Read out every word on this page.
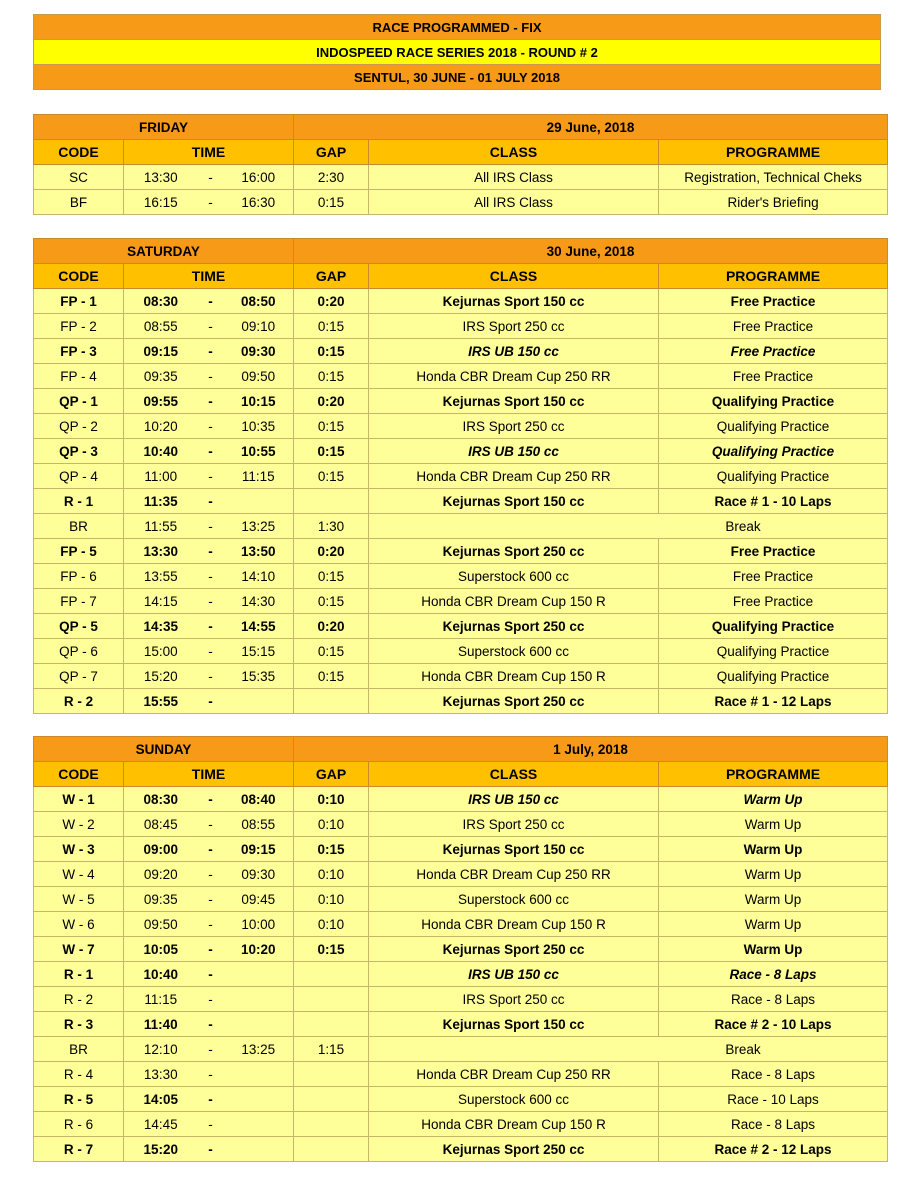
RACE PROGRAMMED - FIX
INDOSPEED RACE SERIES 2018 - ROUND # 2
SENTUL, 30 JUNE - 01 JULY 2018
FRIDAY				29 June, 2018		
CODE	TIME			GAP	CLASS	PROGRAMME
SC	13:30	-	16:00	2:30	All IRS Class	Registration, Technical Cheks
BF	16:15	-	16:30	0:15	All IRS Class	Rider's Briefing
SATURDAY				30 June, 2018		
CODE	TIME			GAP	CLASS	PROGRAMME
FP - 1	08:30	-	08:50	0:20	Kejurnas Sport 150 cc	Free Practice
FP - 2	08:55	-	09:10	0:15	IRS Sport 250 cc	Free Practice
FP - 3	09:15	-	09:30	0:15	IRS UB 150 cc	Free Practice
FP - 4	09:35	-	09:50	0:15	Honda CBR Dream Cup 250 RR	Free Practice
QP - 1	09:55	-	10:15	0:20	Kejurnas Sport 150 cc	Qualifying Practice
QP - 2	10:20	-	10:35	0:15	IRS Sport 250 cc	Qualifying Practice
QP - 3	10:40	-	10:55	0:15	IRS UB 150 cc	Qualifying Practice
QP - 4	11:00	-	11:15	0:15	Honda CBR Dream Cup 250 RR	Qualifying Practice
R - 1	11:35	-			Kejurnas Sport 150 cc	Race # 1 - 10 Laps
BR	11:55	-	13:25	1:30	Break	
FP - 5	13:30	-	13:50	0:20	Kejurnas Sport 250 cc	Free Practice
FP - 6	13:55	-	14:10	0:15	Superstock 600 cc	Free Practice
FP - 7	14:15	-	14:30	0:15	Honda CBR Dream Cup 150 R	Free Practice
QP - 5	14:35	-	14:55	0:20	Kejurnas Sport 250 cc	Qualifying Practice
QP - 6	15:00	-	15:15	0:15	Superstock 600 cc	Qualifying Practice
QP - 7	15:20	-	15:35	0:15	Honda CBR Dream Cup 150 R	Qualifying Practice
R - 2	15:55	-			Kejurnas Sport 250 cc	Race # 1 - 12 Laps
SUNDAY				1 July, 2018		
CODE	TIME			GAP	CLASS	PROGRAMME
W - 1	08:30	-	08:40	0:10	IRS UB 150 cc	Warm Up
W - 2	08:45	-	08:55	0:10	IRS Sport 250 cc	Warm Up
W - 3	09:00	-	09:15	0:15	Kejurnas Sport 150 cc	Warm Up
W - 4	09:20	-	09:30	0:10	Honda CBR Dream Cup 250 RR	Warm Up
W - 5	09:35	-	09:45	0:10	Superstock 600 cc	Warm Up
W - 6	09:50	-	10:00	0:10	Honda CBR Dream Cup 150 R	Warm Up
W - 7	10:05	-	10:20	0:15	Kejurnas Sport 250 cc	Warm Up
R - 1	10:40	-			IRS UB 150 cc	Race - 8 Laps
R - 2	11:15	-			IRS Sport 250 cc	Race - 8 Laps
R - 3	11:40	-			Kejurnas Sport 150 cc	Race # 2 - 10 Laps
BR	12:10	-	13:25	1:15	Break	
R - 4	13:30	-			Honda CBR Dream Cup 250 RR	Race - 8 Laps
R - 5	14:05	-			Superstock 600 cc	Race - 10 Laps
R - 6	14:45	-			Honda CBR Dream Cup 150 R	Race - 8 Laps
R - 7	15:20	-			Kejurnas Sport 250 cc	Race # 2 - 12 Laps
